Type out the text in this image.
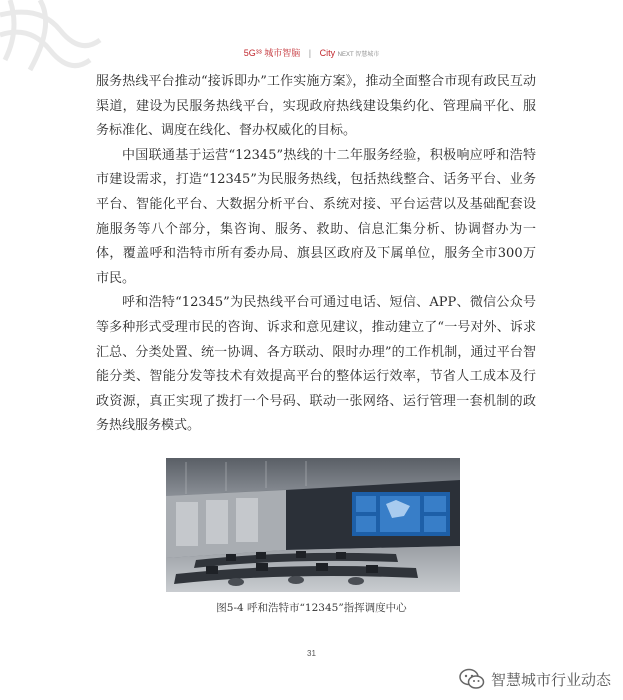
5G³³ 城市智脑 | City NEXT 智慧城市

服务热线平台推动“接诉即办”工作实施方案》，推动全面整合市现有政民互动渠道，建设为民服务热线平台，实现政府热线建设集约化、管理扁平化、服务标准化、调度在线化、督办权威化的目标。

中国联通基于运营“12345”热线的十二年服务经验，积极响应呼和浩特市建设需求，打造“12345”为民服务热线，包括热线整合、话务平台、业务平台、智能化平台、大数据分析平台、系统对接、平台运营以及基础配套设施服务等八个部分，集咨询、服务、救助、信息汇集分析、协调督办为一体，覆盖呼和浩特市所有委办局、旗县区政府及下属单位，服务全市300万市民。

呼和浩特“12345”为民热线平台可通过电话、短信、APP、微信公众号等多种形式受理市民的咨询、诉求和意见建议，推动建立了“一号对外、诉求汇总、分类处置、统一协调、各方联动、限时办理”的工作机制，通过平台智能分类、智能分发等技术有效提高平台的整体运行效率，节省人工成本及行政资源，真正实现了拨打一个号码、联动一张网络、运行管理一套机制的政务热线服务模式。

图5-4 呼和浩特市“12345”指挥调度中心
31
智慧城市行业动态
